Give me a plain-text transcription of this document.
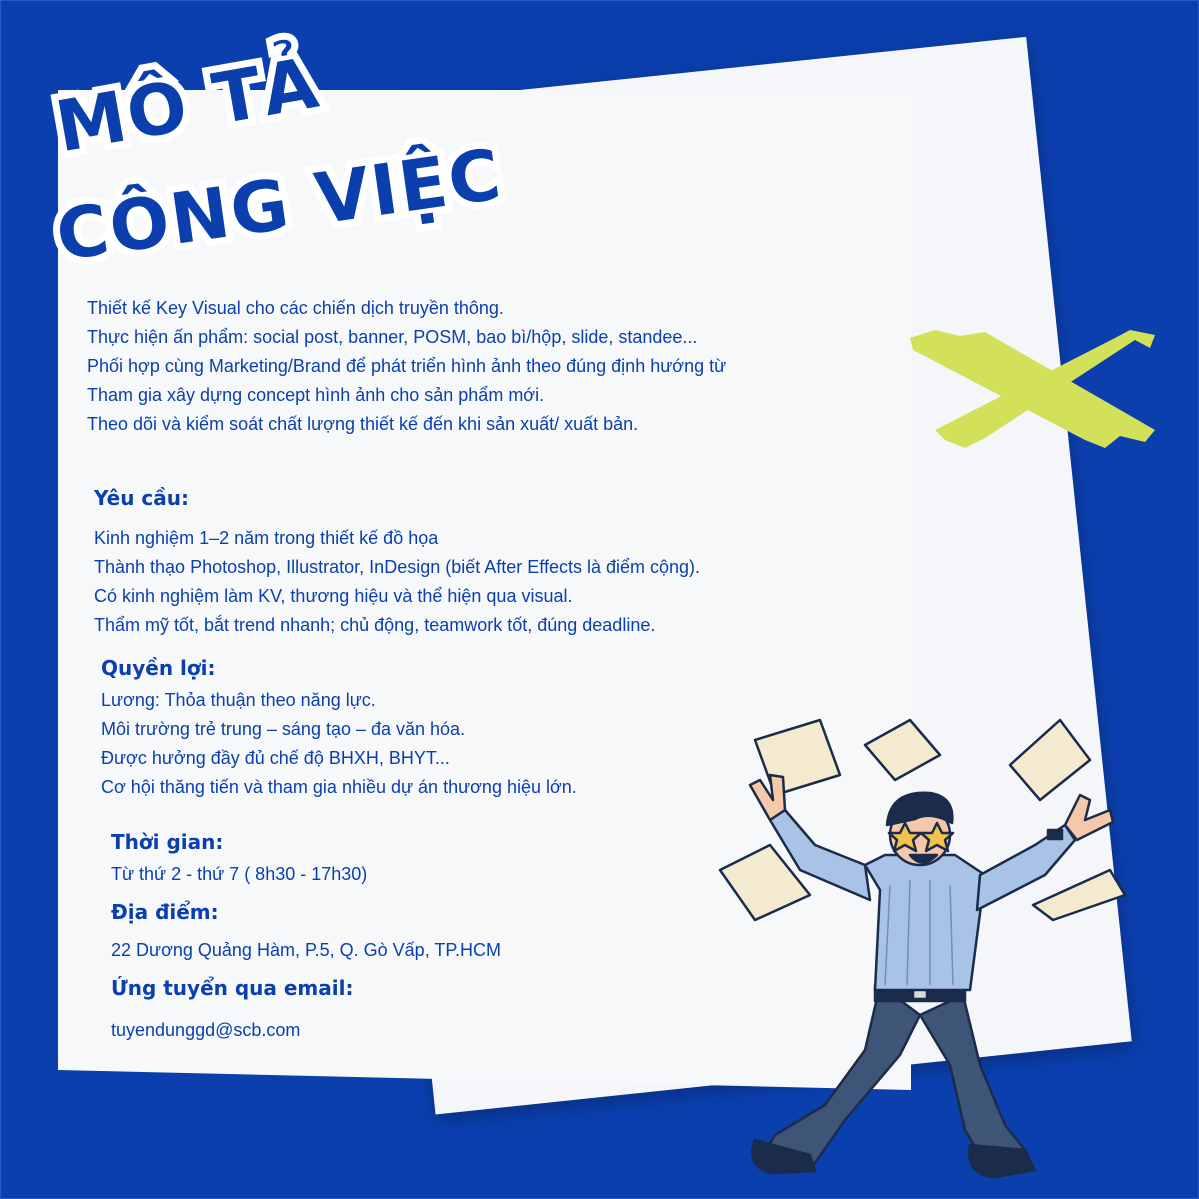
MÔ TẢ
CÔNG VIỆC

Thiết kế Key Visual cho các chiến dịch truyền thông.

Thực hiện ấn phẩm: social post, banner, POSM, bao bì/hộp, slide, standee...

Phối hợp cùng Marketing/Brand để phát triển hình ảnh theo đúng định hướng từ

Tham gia xây dựng concept hình ảnh cho sản phẩm mới.

Theo dõi và kiểm soát chất lượng thiết kế đến khi sản xuất/ xuất bản.

Yêu cầu:

Kinh nghiệm 1–2 năm trong thiết kế đồ họa

Thành thạo Photoshop, Illustrator, InDesign (biết After Effects là điểm cộng).

Có kinh nghiệm làm KV, thương hiệu và thể hiện qua visual.

Thẩm mỹ tốt, bắt trend nhanh; chủ động, teamwork tốt, đúng deadline.

Quyền lợi:

Lương: Thỏa thuận theo năng lực.

Môi trường trẻ trung – sáng tạo – đa văn hóa.

Được hưởng đầy đủ chế độ BHXH, BHYT...

Cơ hội thăng tiến và tham gia nhiều dự án thương hiệu lớn.

Thời gian:
Từ thứ 2 - thứ 7 ( 8h30 - 17h30)
Địa điểm:
22 Dương Quảng Hàm, P.5, Q. Gò Vấp, TP.HCM
Ứng tuyển qua email:
tuyendunggd@scb.com
